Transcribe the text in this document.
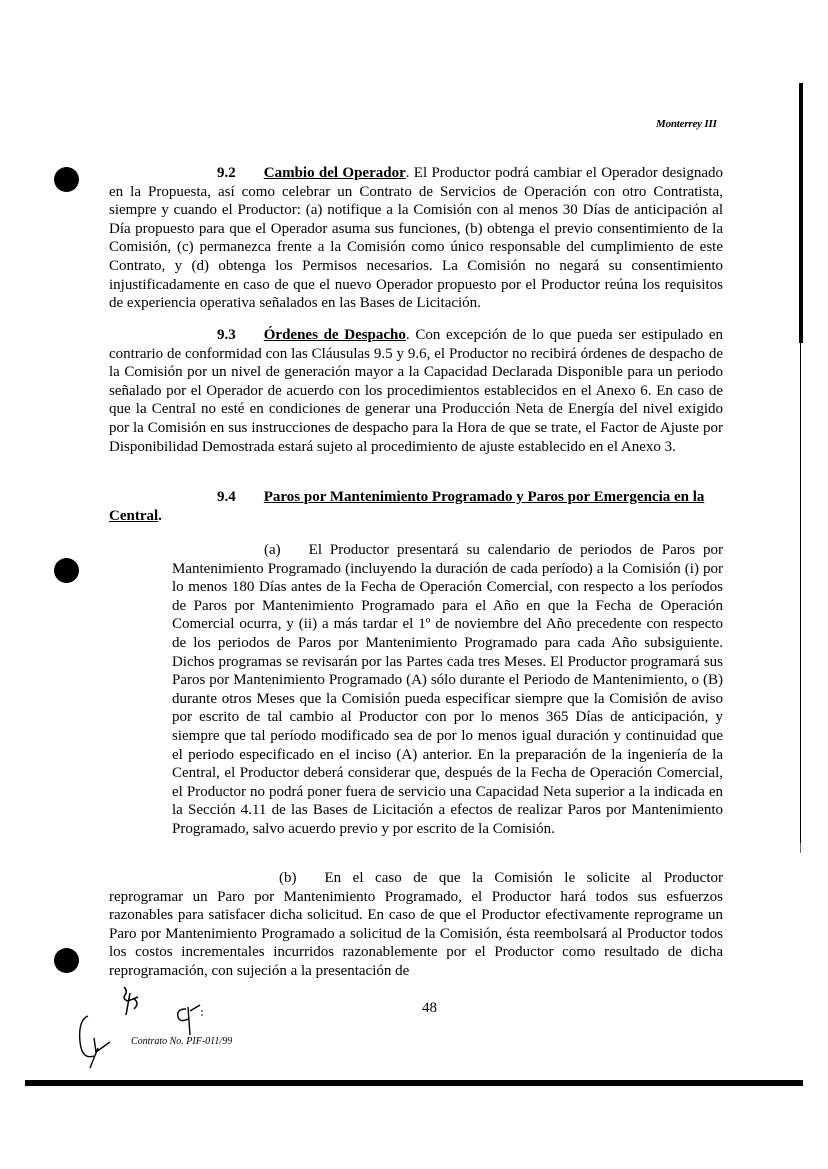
Monterrey III
9.2 Cambio del Operador. El Productor podrá cambiar el Operador designado en la Propuesta, así como celebrar un Contrato de Servicios de Operación con otro Contratista, siempre y cuando el Productor: (a) notifique a la Comisión con al menos 30 Días de anticipación al Día propuesto para que el Operador asuma sus funciones, (b) obtenga el previo consentimiento de la Comisión, (c) permanezca frente a la Comisión como único responsable del cumplimiento de este Contrato, y (d) obtenga los Permisos necesarios. La Comisión no negará su consentimiento injustificadamente en caso de que el nuevo Operador propuesto por el Productor reúna los requisitos de experiencia operativa señalados en las Bases de Licitación.
9.3 Órdenes de Despacho. Con excepción de lo que pueda ser estipulado en contrario de conformidad con las Cláusulas 9.5 y 9.6, el Productor no recibirá órdenes de despacho de la Comisión por un nivel de generación mayor a la Capacidad Declarada Disponible para un periodo señalado por el Operador de acuerdo con los procedimientos establecidos en el Anexo 6. En caso de que la Central no esté en condiciones de generar una Producción Neta de Energía del nivel exigido por la Comisión en sus instrucciones de despacho para la Hora de que se trate, el Factor de Ajuste por Disponibilidad Demostrada estará sujeto al procedimiento de ajuste establecido en el Anexo 3.
9.4 Paros por Mantenimiento Programado y Paros por Emergencia en la
Central.
(a) El Productor presentará su calendario de periodos de Paros por Mantenimiento Programado (incluyendo la duración de cada período) a la Comisión (i) por lo menos 180 Días antes de la Fecha de Operación Comercial, con respecto a los períodos de Paros por Mantenimiento Programado para el Año en que la Fecha de Operación Comercial ocurra, y (ii) a más tardar el 1º de noviembre del Año precedente con respecto de los periodos de Paros por Mantenimiento Programado para cada Año subsiguiente. Dichos programas se revisarán por las Partes cada tres Meses. El Productor programará sus Paros por Mantenimiento Programado (A) sólo durante el Periodo de Mantenimiento, o (B) durante otros Meses que la Comisión pueda especificar siempre que la Comisión de aviso por escrito de tal cambio al Productor con por lo menos 365 Días de anticipación, y siempre que tal período modificado sea de por lo menos igual duración y continuidad que el periodo especificado en el inciso (A) anterior. En la preparación de la ingeniería de la Central, el Productor deberá considerar que, después de la Fecha de Operación Comercial, el Productor no podrá poner fuera de servicio una Capacidad Neta superior a la indicada en la Sección 4.11 de las Bases de Licitación a efectos de realizar Paros por Mantenimiento Programado, salvo acuerdo previo y por escrito de la Comisión.
(b) En el caso de que la Comisión le solicite al Productor reprogramar un Paro por Mantenimiento Programado, el Productor hará todos sus esfuerzos razonables para satisfacer dicha solicitud. En caso de que el Productor efectivamente reprograme un Paro por Mantenimiento Programado a solicitud de la Comisión, ésta reembolsará al Productor todos los costos incrementales incurridos razonablemente por el Productor como resultado de dicha reprogramación, con sujeción a la presentación de
48
Contrato No. PIF-011/99
